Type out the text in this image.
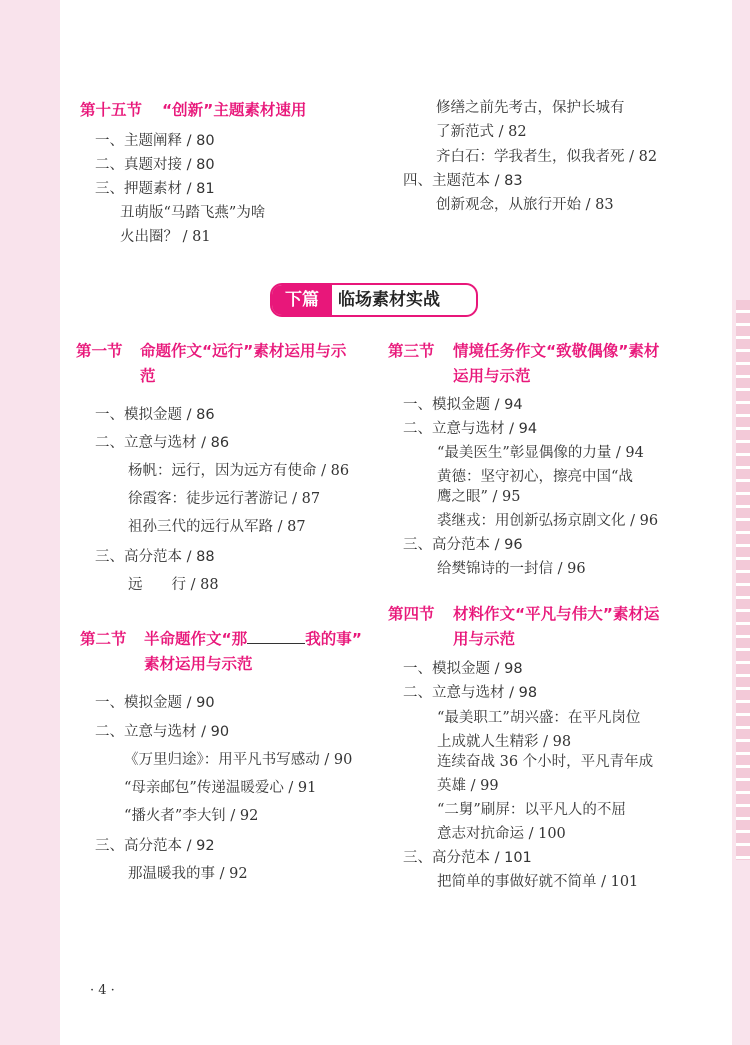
第十五节 “创新”主题素材速用
一、主题阐释 / 80
二、真题对接 / 80
三、押题素材 / 81
丑萌版“马踏飞燕”为啥
火出圈？ / 81
修缮之前先考古，保护长城有
了新范式 / 82
齐白石：学我者生，似我者死 / 82
四、主题范本 / 83
创新观念，从旅行开始 / 83
下篇	临场素材实战
第一节 命题作文“远行”素材运用与示范
一、模拟金题 / 86
二、立意与选材 / 86
杨帆：远行，因为远方有使命 / 86
徐霞客：徒步远行著游记 / 87
祖孙三代的远行从军路 / 87
三、高分范本 / 88
远　　行 / 88
第二节 半命题作文“那	我的事”
素材运用与示范
一、模拟金题 / 90
二、立意与选材 / 90
《万里归途》：用平凡书写感动 / 90
“母亲邮包”传递温暖爱心 / 91
“播火者”李大钊 / 92
三、高分范本 / 92
那温暖我的事 / 92
第三节 情境任务作文“致敬偶像”素材运用与示范
一、模拟金题 / 94
二、立意与选材 / 94
“最美医生”彰显偶像的力量 / 94
黄德：坚守初心，擦亮中国“战
鹰之眼” / 95
裘继戎：用创新弘扬京剧文化 / 96
三、高分范本 / 96
给樊锦诗的一封信 / 96
第四节 材料作文“平凡与伟大”素材运用与示范
一、模拟金题 / 98
二、立意与选材 / 98
“最美职工”胡兴盛：在平凡岗位
上成就人生精彩 / 98
连续奋战 36 个小时，平凡青年成
英雄 / 99
“二舅”刷屏：以平凡人的不屈
意志对抗命运 / 100
三、高分范本 / 101
把简单的事做好就不简单 / 101
· 4 ·
